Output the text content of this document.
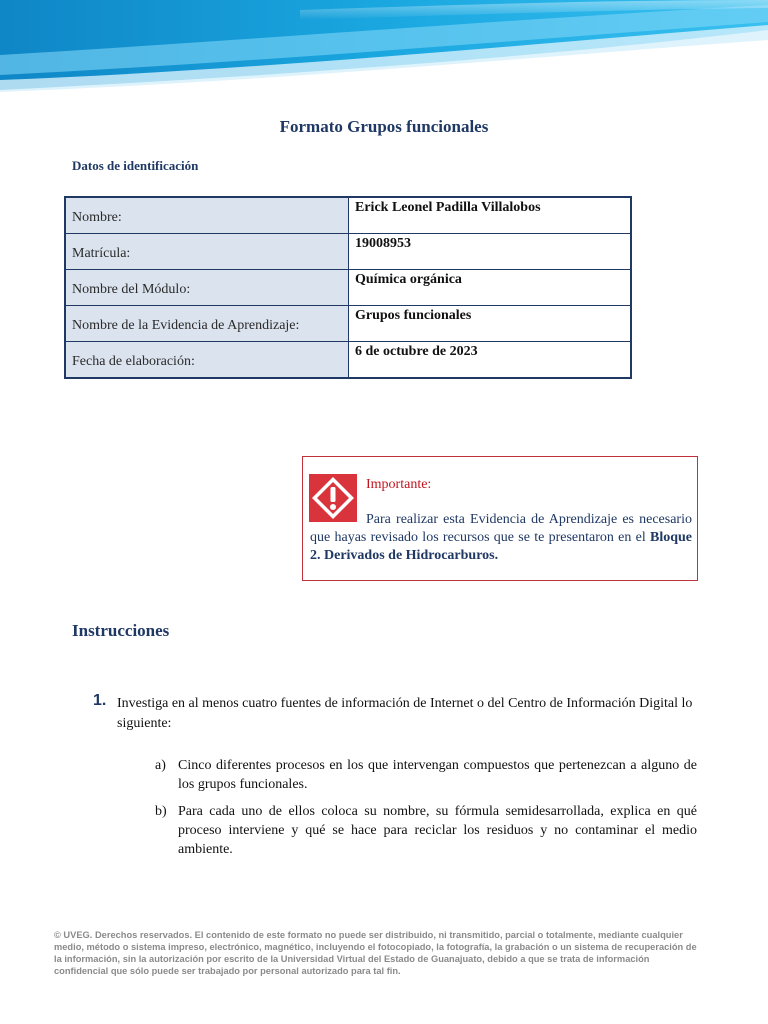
Formato Grupos funcionales
Datos de identificación
Nombre:	Erick Leonel Padilla Villalobos
Matrícula:	19008953
Nombre del Módulo:	Química orgánica
Nombre de la Evidencia de Aprendizaje:	Grupos funcionales
Fecha de elaboración:	6 de octubre de 2023
Importante:
Para realizar esta Evidencia de Aprendizaje es necesario que hayas revisado los recursos que se te presentaron en el Bloque 2. Derivados de Hidrocarburos.
Instrucciones
1. Investiga en al menos cuatro fuentes de información de Internet o del Centro de Información Digital lo siguiente:
a) Cinco diferentes procesos en los que intervengan compuestos que pertenezcan a alguno de los grupos funcionales.
b) Para cada uno de ellos coloca su nombre, su fórmula semidesarrollada, explica en qué proceso interviene y qué se hace para reciclar los residuos y no contaminar el medio ambiente.
© UVEG. Derechos reservados. El contenido de este formato no puede ser distribuido, ni transmitido, parcial o totalmente, mediante cualquier medio, método o sistema impreso, electrónico, magnético, incluyendo el fotocopiado, la fotografía, la grabación o un sistema de recuperación de la información, sin la autorización por escrito de la Universidad Virtual del Estado de Guanajuato, debido a que se trata de información confidencial que sólo puede ser trabajado por personal autorizado para tal fin.
